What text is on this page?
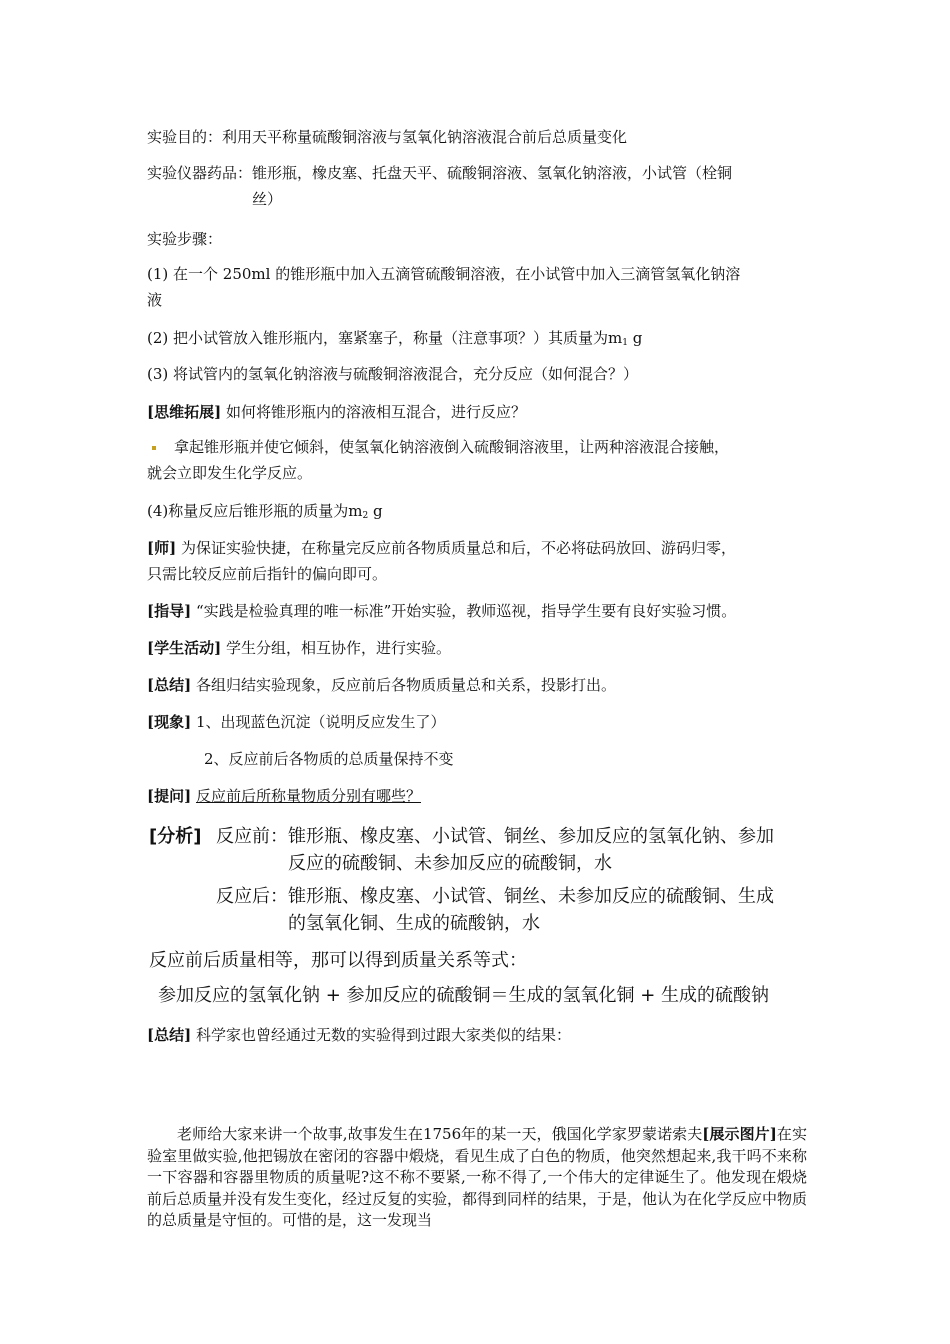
实验目的：利用天平称量硫酸铜溶液与氢氧化钠溶液混合前后总质量变化
实验仪器药品：锥形瓶，橡皮塞、托盘天平、硫酸铜溶液、氢氧化钠溶液，小试管（栓铜
丝）
实验步骤：
(1) 在一个 250ml 的锥形瓶中加入五滴管硫酸铜溶液，在小试管中加入三滴管氢氧化钠溶
液
(2) 把小试管放入锥形瓶内，塞紧塞子，称量（注意事项？）其质量为$m_1$ g
(3) 将试管内的氢氧化钠溶液与硫酸铜溶液混合，充分反应（如何混合？）
[思维拓展] 如何将锥形瓶内的溶液相互混合，进行反应？
拿起锥形瓶并使它倾斜，使氢氧化钠溶液倒入硫酸铜溶液里，让两种溶液混合接触，
就会立即发生化学反应。
(4)称量反应后锥形瓶的质量为$m_2$ g
[师] 为保证实验快捷，在称量完反应前各物质质量总和后，不必将砝码放回、游码归零，
只需比较反应前后指针的偏向即可。
[指导] “实践是检验真理的唯一标准”开始实验，教师巡视，指导学生要有良好实验习惯。
[学生活动] 学生分组，相互协作，进行实验。
[总结] 各组归结实验现象，反应前后各物质质量总和关系，投影打出。
[现象] 1、出现蓝色沉淀（说明反应发生了）
2、反应前后各物质的总质量保持不变
[提问] 反应前后所称量物质分别有哪些？
[分析] 反应前： 锥形瓶、橡皮塞、小试管、铜丝、参加反应的氢氧化钠、参加
反应的硫酸铜、未参加反应的硫酸铜，水
反应后： 锥形瓶、橡皮塞、小试管、铜丝、未参加反应的硫酸铜、生成
的氢氧化铜、生成的硫酸钠，水
反应前后质量相等，那可以得到质量关系等式：
参加反应的氢氧化钠 + 参加反应的硫酸铜＝生成的氢氧化铜 + 生成的硫酸钠
[总结] 科学家也曾经通过无数的实验得到过跟大家类似的结果：
老师给大家来讲一个故事,故事发生在1756年的某一天，俄国化学家罗蒙诺索夫[展示图片]在实验室里做实验,他把锡放在密闭的容器中煅烧，看见生成了白色的物质，他突然想起来,我干吗不来称一下容器和容器里物质的质量呢?这不称不要紧,一称不得了,一个伟大的定律诞生了。他发现在煅烧前后总质量并没有发生变化，经过反复的实验，都得到同样的结果，于是，他认为在化学反应中物质的总质量是守恒的。可惜的是，这一发现当
